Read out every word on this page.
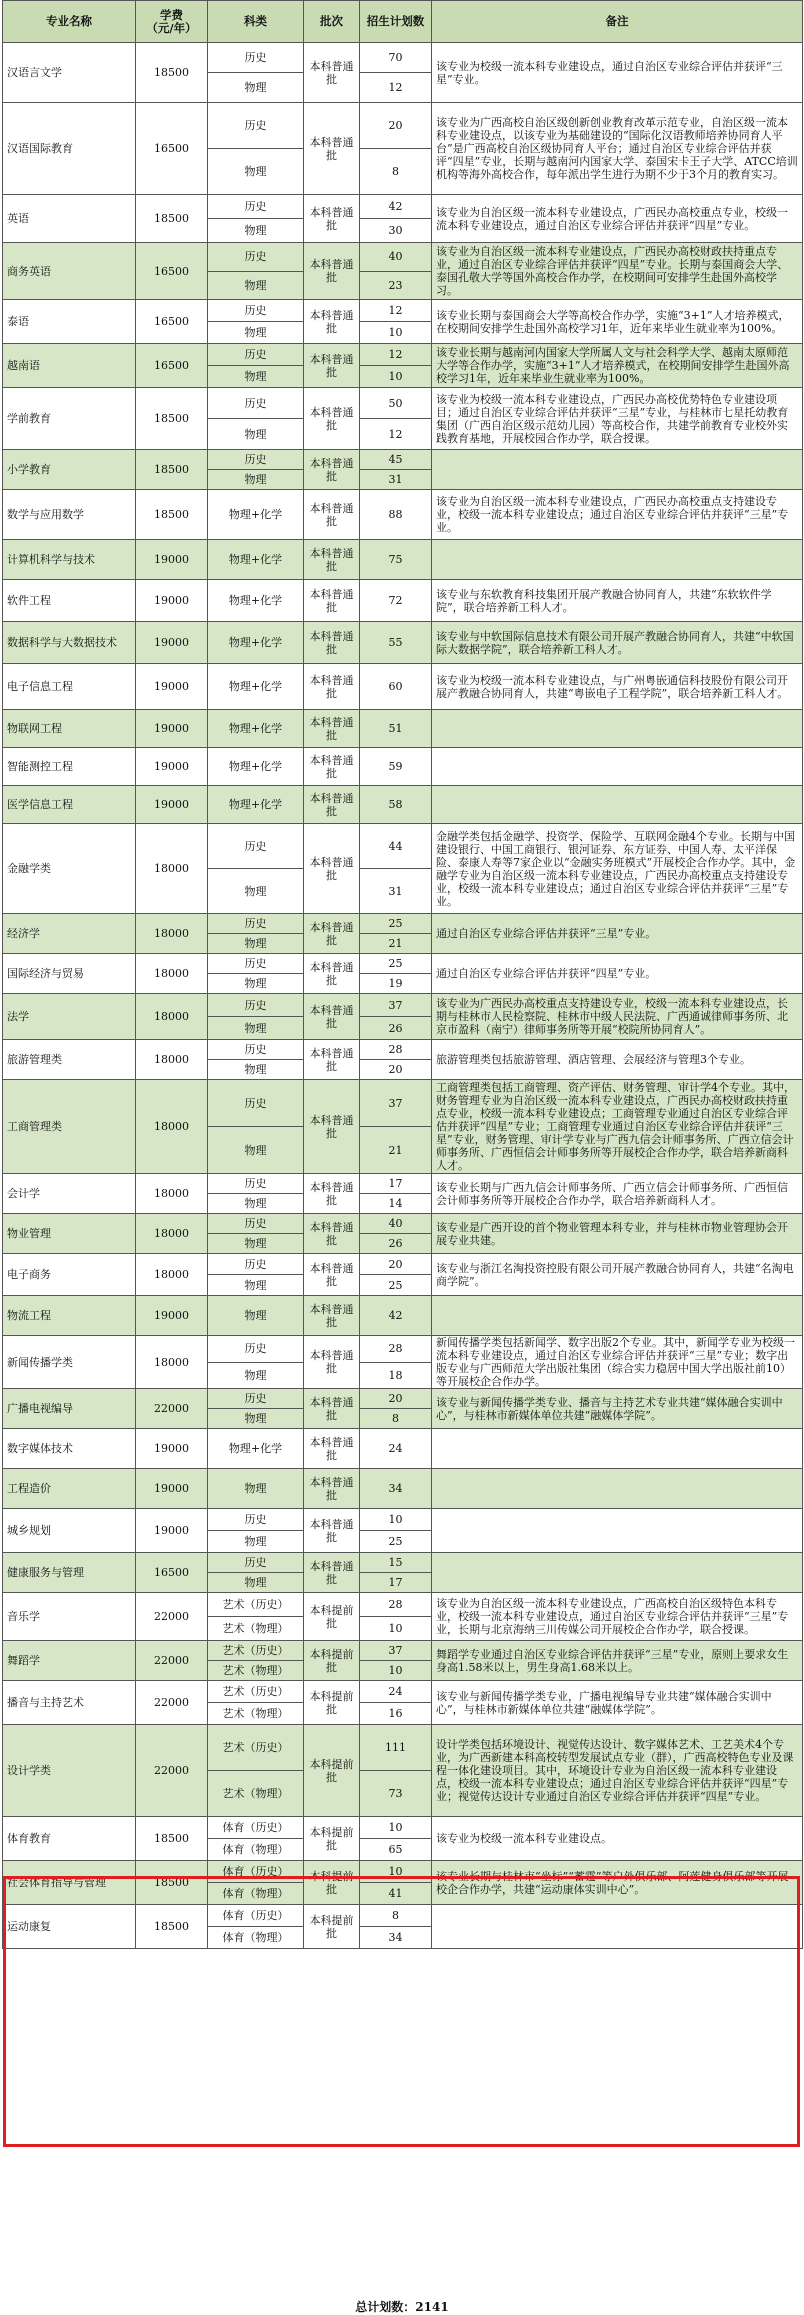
专业名称	学费
（元/年）	科类	批次	招生计划数	备注
汉语言文学	18500	历史	本科普通批	70	该专业为校级一流本科专业建设点，通过自治区专业综合评估并获评“三星”专业。
		物理		12	
汉语国际教育	16500	历史	本科普通批	20	该专业为广西高校自治区级创新创业教育改革示范专业，自治区级一流本科专业建设点，以该专业为基础建设的“国际化汉语教师培养协同育人平台”是广西高校自治区级协同育人平台；通过自治区专业综合评估并获评“四星”专业，长期与越南河内国家大学、泰国宋卡王子大学、ATCC培训机构等海外高校合作，每年派出学生进行为期不少于3个月的教育实习。
		物理		8	
英语	18500	历史	本科普通批	42	该专业为自治区级一流本科专业建设点，广西民办高校重点专业，校级一流本科专业建设点，通过自治区专业综合评估并获评“四星”专业。
		物理		30	
商务英语	16500	历史	本科普通批	40	该专业为自治区级一流本科专业建设点，广西民办高校财政扶持重点专业，通过自治区专业综合评估并获评“四星”专业。长期与泰国商会大学、泰国孔敬大学等国外高校合作办学，在校期间可安排学生赴国外高校学习。
		物理		23	
泰语	16500	历史	本科普通批	12	该专业长期与泰国商会大学等高校合作办学，实施“3+1”人才培养模式，在校期间安排学生赴国外高校学习1年，近年来毕业生就业率为100%。
		物理		10	
越南语	16500	历史	本科普通批	12	该专业长期与越南河内国家大学所属人文与社会科学大学、越南太原师范大学等合作办学，实施“3+1”人才培养模式，在校期间安排学生赴国外高校学习1年，近年来毕业生就业率为100%。
		物理		10	
学前教育	18500	历史	本科普通批	50	该专业为校级一流本科专业建设点，广西民办高校优势特色专业建设项目；通过自治区专业综合评估并获评“三星”专业，与桂林市七星托幼教育集团（广西自治区级示范幼儿园）等高校合作，共建学前教育专业校外实践教育基地，开展校园合作办学，联合授课。
		物理		12	
小学教育	18500	历史	本科普通批	45	
		物理		31	
数学与应用数学	18500	物理+化学	本科普通批	88	该专业为自治区级一流本科专业建设点，广西民办高校重点支持建设专业，校级一流本科专业建设点；通过自治区专业综合评估并获评“三星”专业。
计算机科学与技术	19000	物理+化学	本科普通批	75	
软件工程	19000	物理+化学	本科普通批	72	该专业与东软教育科技集团开展产教融合协同育人，共建“东软软件学院”，联合培养新工科人才。
数据科学与大数据技术	19000	物理+化学	本科普通批	55	该专业与中软国际信息技术有限公司开展产教融合协同育人，共建“中软国际大数据学院”，联合培养新工科人才。
电子信息工程	19000	物理+化学	本科普通批	60	该专业为校级一流本科专业建设点，与广州粤嵌通信科技股份有限公司开展产教融合协同育人，共建“粤嵌电子工程学院”，联合培养新工科人才。
物联网工程	19000	物理+化学	本科普通批	51	
智能测控工程	19000	物理+化学	本科普通批	59	
医学信息工程	19000	物理+化学	本科普通批	58	
金融学类	18000	历史	本科普通批	44	金融学类包括金融学、投资学、保险学、互联网金融4个专业。长期与中国建设银行、中国工商银行、银河证券、东方证券、中国人寿、太平洋保险、泰康人寿等7家企业以“金融实务班模式”开展校企合作办学。其中，金融学专业为自治区级一流本科专业建设点，广西民办高校重点支持建设专业，校级一流本科专业建设点；通过自治区专业综合评估并获评“三星”专业。
		物理		31	
经济学	18000	历史	本科普通批	25	通过自治区专业综合评估并获评“三星”专业。
		物理		21	
国际经济与贸易	18000	历史	本科普通批	25	通过自治区专业综合评估并获评“四星”专业。
		物理		19	
法学	18000	历史	本科普通批	37	该专业为广西民办高校重点支持建设专业，校级一流本科专业建设点，长期与桂林市人民检察院、桂林市中级人民法院、广西通诚律师事务所、北京市盈科（南宁）律师事务所等开展“校院所协同育人”。
		物理		26	
旅游管理类	18000	历史	本科普通批	28	旅游管理类包括旅游管理、酒店管理、会展经济与管理3个专业。
		物理		20	
工商管理类	18000	历史	本科普通批	37	工商管理类包括工商管理、资产评估、财务管理、审计学4个专业。其中，财务管理专业为自治区级一流本科专业建设点，广西民办高校财政扶持重点专业，校级一流本科专业建设点；工商管理专业通过自治区专业综合评估并获评“四星”专业；工商管理专业通过自治区专业综合评估并获评“三星”专业，财务管理、审计学专业与广西九信会计师事务所、广西立信会计师事务所、广西恒信会计师事务所等开展校企合作办学，联合培养新商科人才。
		物理		21	
会计学	18000	历史	本科普通批	17	该专业长期与广西九信会计师事务所、广西立信会计师事务所、广西恒信会计师事务所等开展校企合作办学，联合培养新商科人才。
		物理		14	
物业管理	18000	历史	本科普通批	40	该专业是广西开设的首个物业管理本科专业，并与桂林市物业管理协会开展专业共建。
		物理		26	
电子商务	18000	历史	本科普通批	20	该专业与浙江名淘投资控股有限公司开展产教融合协同育人，共建“名淘电商学院”。
		物理		25	
物流工程	19000	物理	本科普通批	42	
新闻传播学类	18000	历史	本科普通批	28	新闻传播学类包括新闻学、数字出版2个专业。其中，新闻学专业为校级一流本科专业建设点，通过自治区专业综合评估并获评“三星”专业；数字出版专业与广西师范大学出版社集团（综合实力稳居中国大学出版社前10）等开展校企合作办学。
		物理		18	
广播电视编导	22000	历史	本科普通批	20	该专业与新闻传播学类专业、播音与主持艺术专业共建“媒体融合实训中心”，与桂林市新媒体单位共建“融媒体学院”。
		物理		8	
数字媒体技术	19000	物理+化学	本科普通批	24	
工程造价	19000	物理	本科普通批	34	
城乡规划	19000	历史	本科普通批	10	
		物理		25	
健康服务与管理	16500	历史	本科普通批	15	
		物理		17	
音乐学	22000	艺术（历史）	本科提前批	28	该专业为自治区级一流本科专业建设点，广西高校自治区级特色本科专业，校级一流本科专业建设点，通过自治区专业综合评估并获评“三星”专业，长期与北京海纳三川传媒公司开展校企合作办学，联合授课。
		艺术（物理）		10	
舞蹈学	22000	艺术（历史）	本科提前批	37	舞蹈学专业通过自治区专业综合评估并获评“三星”专业，原则上要求女生身高1.58米以上，男生身高1.68米以上。
		艺术（物理）		10	
播音与主持艺术	22000	艺术（历史）	本科提前批	24	该专业与新闻传播学类专业，广播电视编导专业共建“媒体融合实训中心”，与桂林市新媒体单位共建“融媒体学院”。
		艺术（物理）		16	
设计学类	22000	艺术（历史）	本科提前批	111	设计学类包括环境设计、视觉传达设计、数字媒体艺术、工艺美术4个专业，为广西新建本科高校转型发展试点专业（群），广西高校特色专业及课程一体化建设项目。其中，环境设计专业为自治区级一流本科专业建设点，校级一流本科专业建设点；通过自治区专业综合评估并获评“四星”专业；视觉传达设计专业通过自治区专业综合评估并获评“四星”专业。
		艺术（物理）		73	
体育教育	18500	体育（历史）	本科提前批	10	该专业为校级一流本科专业建设点。
		体育（物理）		65	
社会体育指导与管理	18500	体育（历史）	本科提前批	10	该专业长期与桂林市“坐标”“蓄霆”等户外俱乐部、阿莲健身俱乐部等开展校企合作办学，共建“运动康体实训中心”。
		体育（物理）		41	
运动康复	18500	体育（历史）	本科提前批	8	
		体育（物理）		34	
总计划数：2141
